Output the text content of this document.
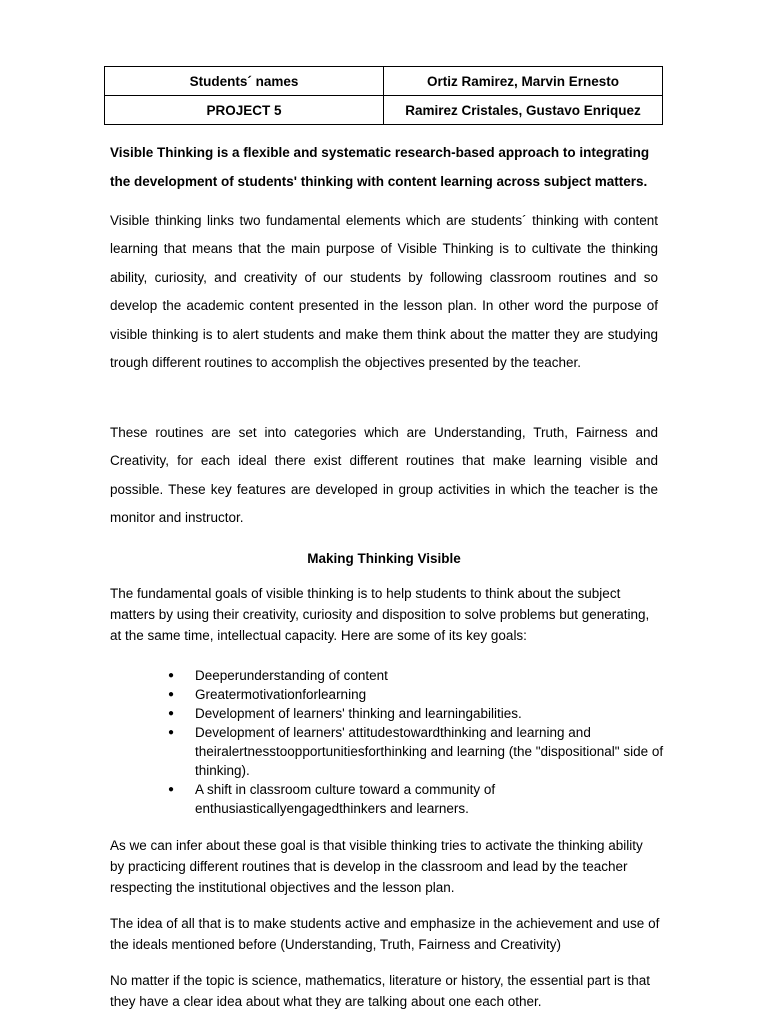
Students´ names	Ortiz Ramirez, Marvin Ernesto
PROJECT 5	Ramirez Cristales, Gustavo Enriquez
Visible Thinking is a flexible and systematic research-based approach to integrating the development of students' thinking with content learning across subject matters.
Visible thinking links two fundamental elements which are students´ thinking with content learning that means that the main purpose of Visible Thinking is to cultivate the thinking ability, curiosity, and creativity of our students by following classroom routines and so develop the academic content presented in the lesson plan. In other word the purpose of visible thinking is to alert students and make them think about the matter they are studying trough different routines to accomplish the objectives presented by the teacher.
These routines are set into categories which are Understanding, Truth, Fairness and Creativity, for each ideal there exist different routines that make learning visible and possible. These key features are developed in group activities in which the teacher is the monitor and instructor.
Making Thinking Visible
The fundamental goals of visible thinking is to help students to think about the subject matters by using their creativity, curiosity and disposition to solve problems but generating, at the same time, intellectual capacity. Here are some of its key goals:
● Deeperunderstanding of content
● Greatermotivationforlearning
● Development of learners' thinking and learningabilities.
● Development of learners' attitudestowardthinking and learning and theiralertnesstoopportunitiesforthinking and learning (the "dispositional" side of thinking).
● A shift in classroom culture toward a community of enthusiasticallyengagedthinkers and learners.
As we can infer about these goal is that visible thinking tries to activate the thinking ability by practicing different routines that is develop in the classroom and lead by the teacher respecting the institutional objectives and the lesson plan.
The idea of all that is to make students active and emphasize in the achievement and use of the ideals mentioned before (Understanding, Truth, Fairness and Creativity)
No matter if the topic is science, mathematics, literature or history, the essential part is that they have a clear idea about what they are talking about one each other.
